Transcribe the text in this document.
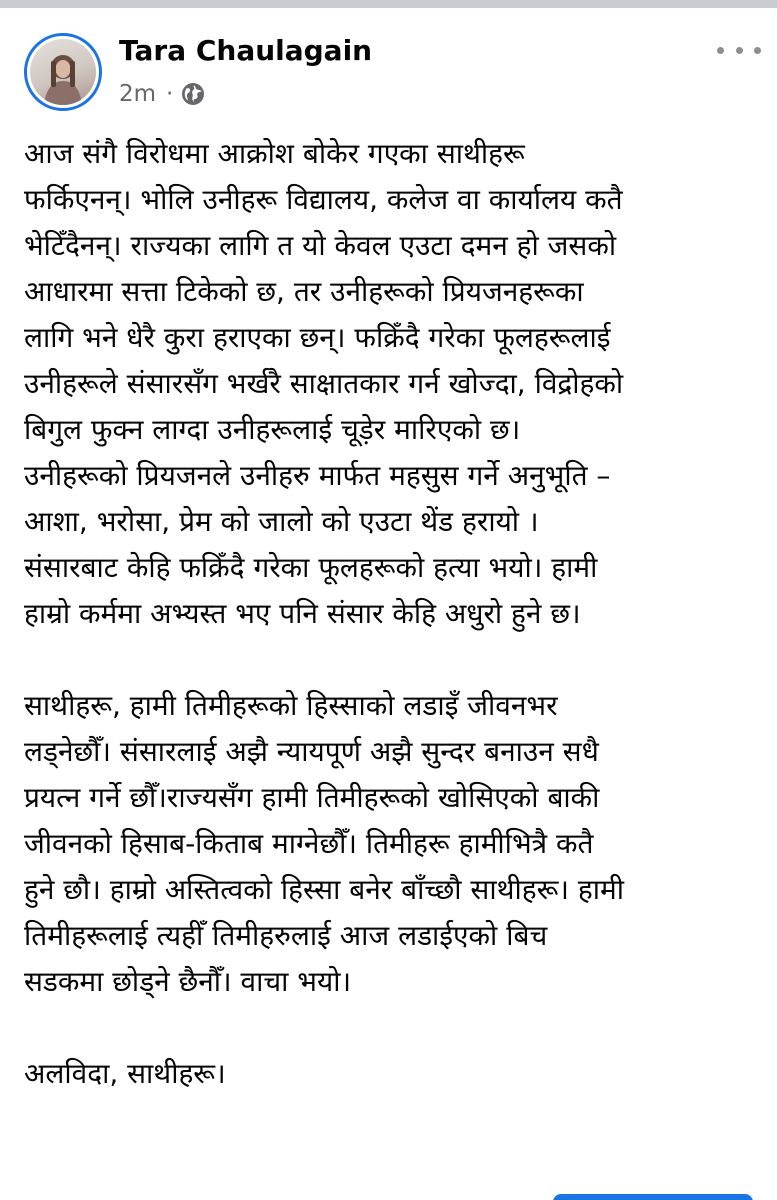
Tara Chaulagain
2m ·
आज संगै विरोधमा आक्रोश बोकेर गएका साथीहरू
फर्किएनन्। भोलि उनीहरू विद्यालय, कलेज वा कार्यालय कतै
भेटिँदैनन्। राज्यका लागि त यो केवल एउटा दमन हो जसको
आधारमा सत्ता टिकेको छ, तर उनीहरूको प्रियजनहरूका
लागि भने धेरै कुरा हराएका छन्। फक्रिँदै गरेका फूलहरूलाई
उनीहरूले संसारसँग भर्खरै साक्षातकार गर्न खोज्दा, विद्रोहको
बिगुल फुक्न लाग्दा उनीहरूलाई चूड़ेर मारिएको छ।
उनीहरूको प्रियजनले उनीहरु मार्फत महसुस गर्ने अनुभूति –
आशा, भरोसा, प्रेम को जालो को एउटा थेंड हरायो ।
संसारबाट केहि फक्रिँदै गरेका फूलहरूको हत्या भयो। हामी
हाम्रो कर्ममा अभ्यस्त भए पनि संसार केहि अधुरो हुने छ।
साथीहरू, हामी तिमीहरूको हिस्साको लडाइँ जीवनभर
लड्नेछौँ। संसारलाई अझै न्यायपूर्ण अझै सुन्दर बनाउन सधै
प्रयत्न गर्ने छौँ।राज्यसँग हामी तिमीहरूको खोसिएको बाकी
जीवनको हिसाब-किताब माग्नेछौँ। तिमीहरू हामीभित्रै कतै
हुने छौ। हाम्रो अस्तित्वको हिस्सा बनेर बाँच्छौ साथीहरू। हामी
तिमीहरूलाई त्यहीँ तिमीहरुलाई आज लडाईएको बिच
सडकमा छोड्ने छैनौँ। वाचा भयो।
अलविदा, साथीहरू।
